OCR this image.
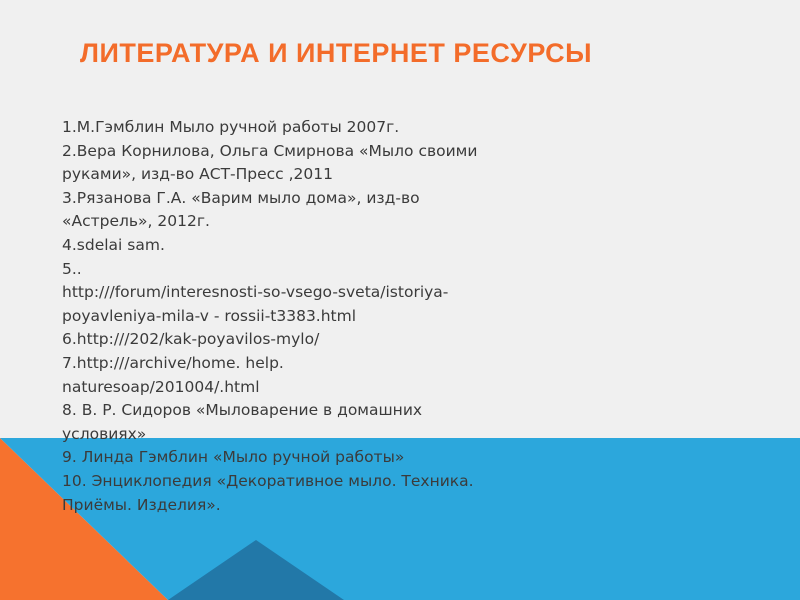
ЛИТЕРАТУРА И ИНТЕРНЕТ РЕСУРСЫ
1.М.Гэмблин Мыло ручной работы 2007г.
2.Вера Корнилова, Ольга Смирнова «Мыло своими
руками», изд-во АСТ-Пресс ,2011
3.Рязанова Г.А. «Варим мыло дома», изд-во
«Астрель», 2012г.
4.sdelai sam.
5..
http:///forum/interesnosti-so-vsego-sveta/istoriya-
poyavleniya-mila-v - rossii-t3383.html
6.http:///202/kak-poyavilos-mylo/
7.http:///archive/home. help.
naturesoap/201004/.html
8. В. Р. Сидоров «Мыловарение в домашних
условиях»
9. Линда Гэмблин «Мыло ручной работы»
10. Энциклопедия «Декоративное мыло. Техника.
Приёмы. Изделия».
